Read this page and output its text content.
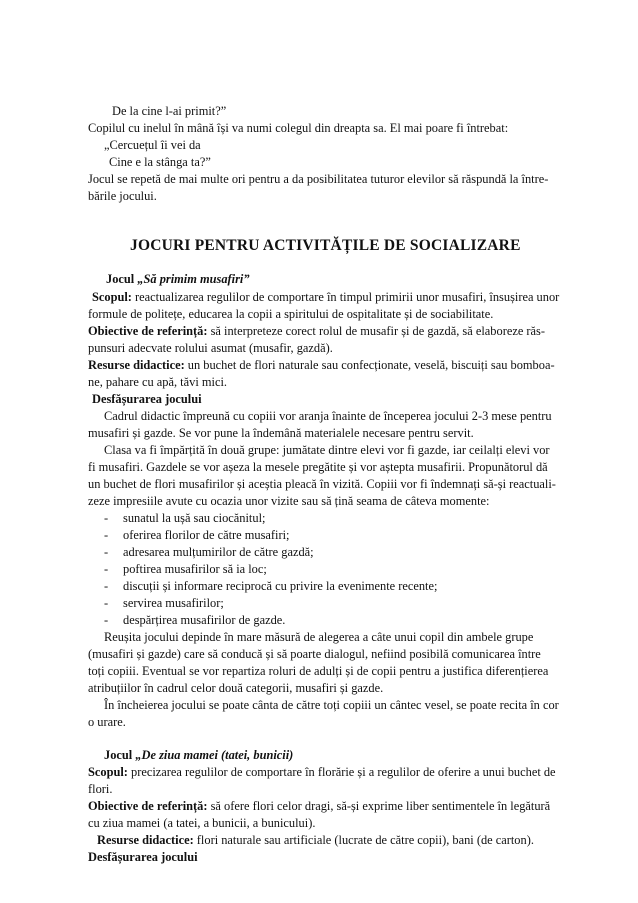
De la cine l-ai primit?”
Copilul cu inelul în mână își va numi colegul din dreapta sa. El mai poare fi întrebat:
„Cercuețul îi vei da
Cine e la stânga ta?”
Jocul se repetă de mai multe ori pentru a da posibilitatea tuturor elevilor să răspundă la între-
bările jocului.
JOCURI PENTRU ACTIVITĂȚILE DE SOCIALIZARE
Jocul „Să primim musafiri”
Scopul: reactualizarea regulilor de comportare în timpul primirii unor musafiri, însușirea unor
formule de politețe, educarea la copii a spiritului de ospitalitate și de sociabilitate.
Obiective de referință: să interpreteze corect rolul de musafir și de gazdă, să elaboreze răs-
punsuri adecvate rolului asumat (musafir, gazdă).
Resurse didactice: un buchet de flori naturale sau confecționate, veselă, biscuiți sau bomboa-
ne, pahare cu apă, tăvi mici.
Desfășurarea jocului
Cadrul didactic împreună cu copiii vor aranja înainte de începerea jocului 2-3 mese pentru
musafiri și gazde. Se vor pune la îndemână materialele necesare pentru servit.
Clasa va fi împărțită în două grupe: jumătate dintre elevi vor fi gazde, iar ceilalți elevi vor
fi musafiri. Gazdele se vor așeza la mesele pregătite și vor aștepta musafirii. Propunătorul dă
un buchet de flori musafirilor și aceștia pleacă în vizită. Copiii vor fi îndemnați să-și reactuali-
zeze impresiile avute cu ocazia unor vizite sau să țină seama de câteva momente:
- sunatul la ușă sau ciocănitul;
- oferirea florilor de către musafiri;
- adresarea mulțumirilor de către gazdă;
- poftirea musafirilor să ia loc;
- discuții și informare reciprocă cu privire la evenimente recente;
- servirea musafirilor;
- despărțirea musafirilor de gazde.
Reușita jocului depinde în mare măsură de alegerea a câte unui copil din ambele grupe
(musafiri și gazde) care să conducă și să poarte dialogul, nefiind posibilă comunicarea între
toți copiii. Eventual se vor repartiza roluri de adulți și de copii pentru a justifica diferențierea
atribuțiilor în cadrul celor două categorii, musafiri și gazde.
În încheierea jocului se poate cânta de către toți copiii un cântec vesel, se poate recita în cor
o urare.
Jocul „De ziua mamei (tatei, bunicii)
Scopul: precizarea regulilor de comportare în florărie și a regulilor de oferire a unui buchet de
flori.
Obiective de referință: să ofere flori celor dragi, să-și exprime liber sentimentele în legătură
cu ziua mamei (a tatei, a bunicii, a bunicului).
Resurse didactice: flori naturale sau artificiale (lucrate de către copii), bani (de carton).
Desfășurarea jocului
